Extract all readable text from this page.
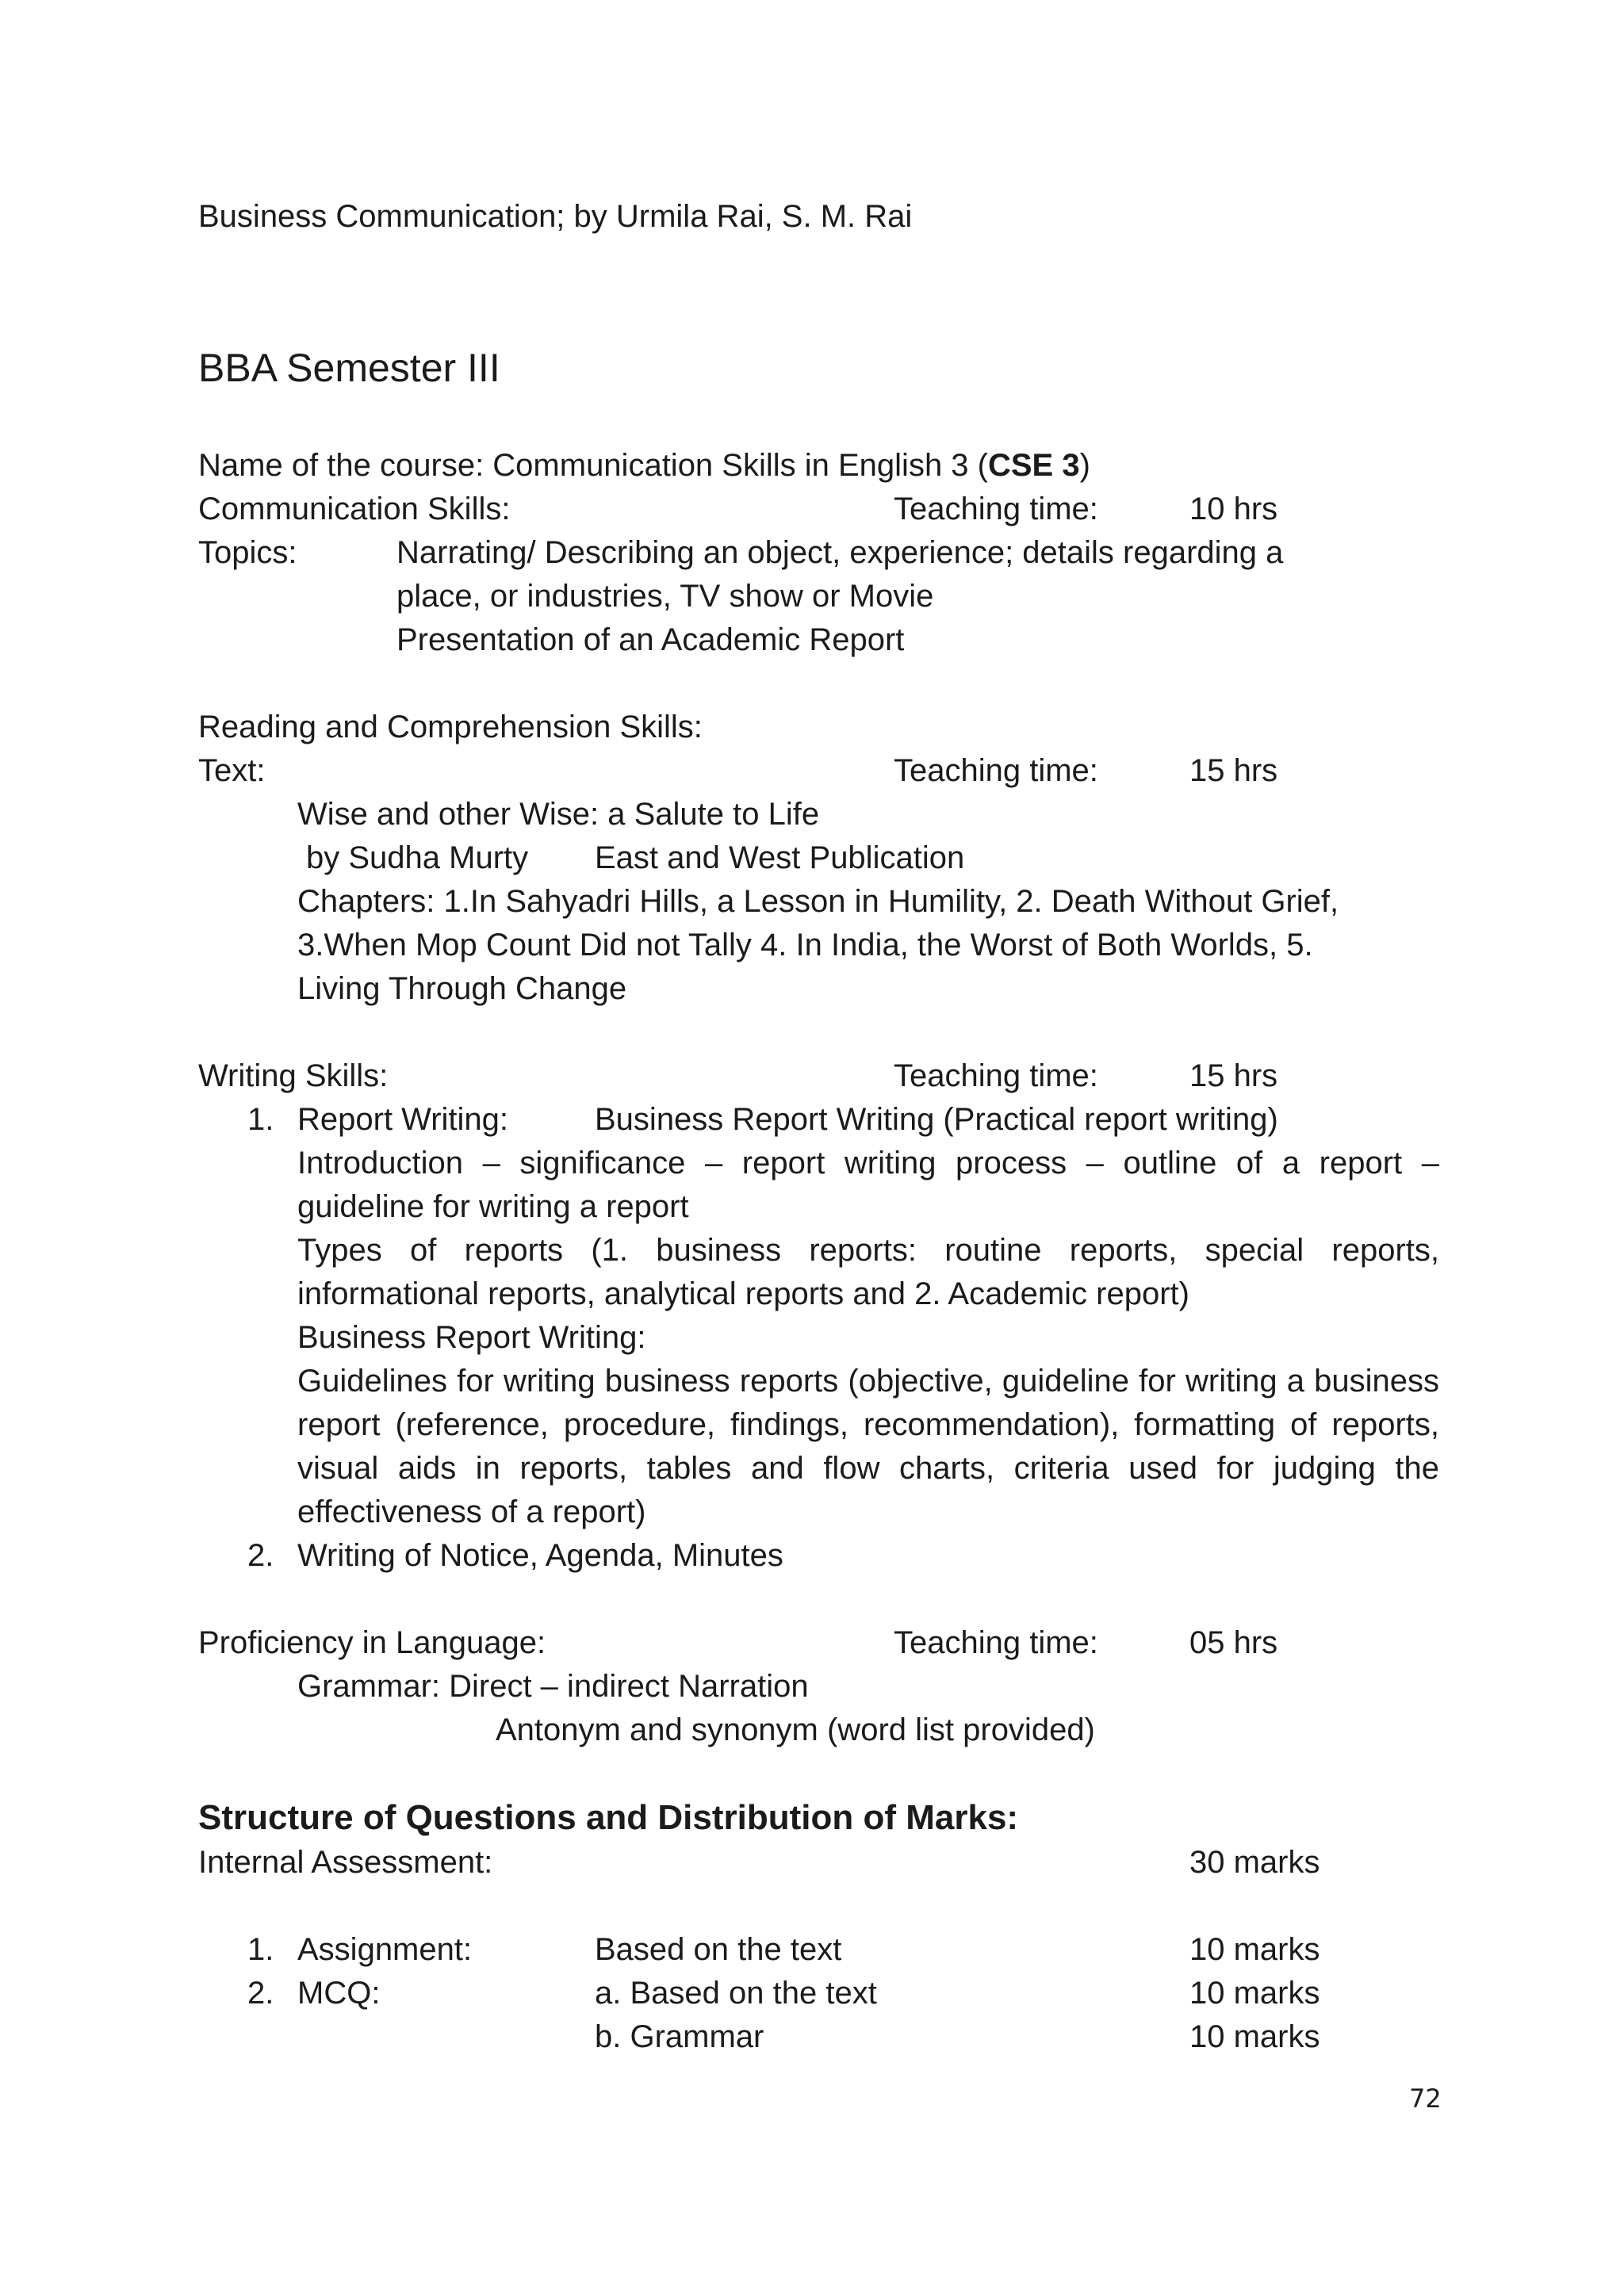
Business Communication; by Urmila Rai, S. M. Rai
BBA Semester III
Name of the course: Communication Skills in English 3 (CSE 3)
Communication Skills:	Teaching time:	10 hrs
Topics:	Narrating/ Describing an object, experience; details regarding a
place, or industries, TV show or Movie
Presentation of an Academic Report
Reading and Comprehension Skills:
Text:	Teaching time:	15 hrs
Wise and other Wise: a Salute to Life
by Sudha Murty East and West Publication
Chapters: 1.In Sahyadri Hills, a Lesson in Humility, 2. Death Without Grief,
3.When Mop Count Did not Tally 4. In India, the Worst of Both Worlds, 5.
Living Through Change
Writing Skills:	Teaching time:	15 hrs
1. Report Writing:	Business Report Writing (Practical report writing)
Introduction – significance – report writing process – outline of a report – guideline for writing a report
Types of reports (1. business reports: routine reports, special reports, informational reports, analytical reports and 2. Academic report)
Business Report Writing:
Guidelines for writing business reports (objective, guideline for writing a business report (reference, procedure, findings, recommendation), formatting of reports, visual aids in reports, tables and flow charts, criteria used for judging the effectiveness of a report)
2. Writing of Notice, Agenda, Minutes
Proficiency in Language:	Teaching time:	05 hrs
Grammar: Direct – indirect Narration
Antonym and synonym (word list provided)
Structure of Questions and Distribution of Marks:
Internal Assessment:	30 marks
1. Assignment:	Based on the text	10 marks
2. MCQ:	a. Based on the text	10 marks
b. Grammar	10 marks
72
